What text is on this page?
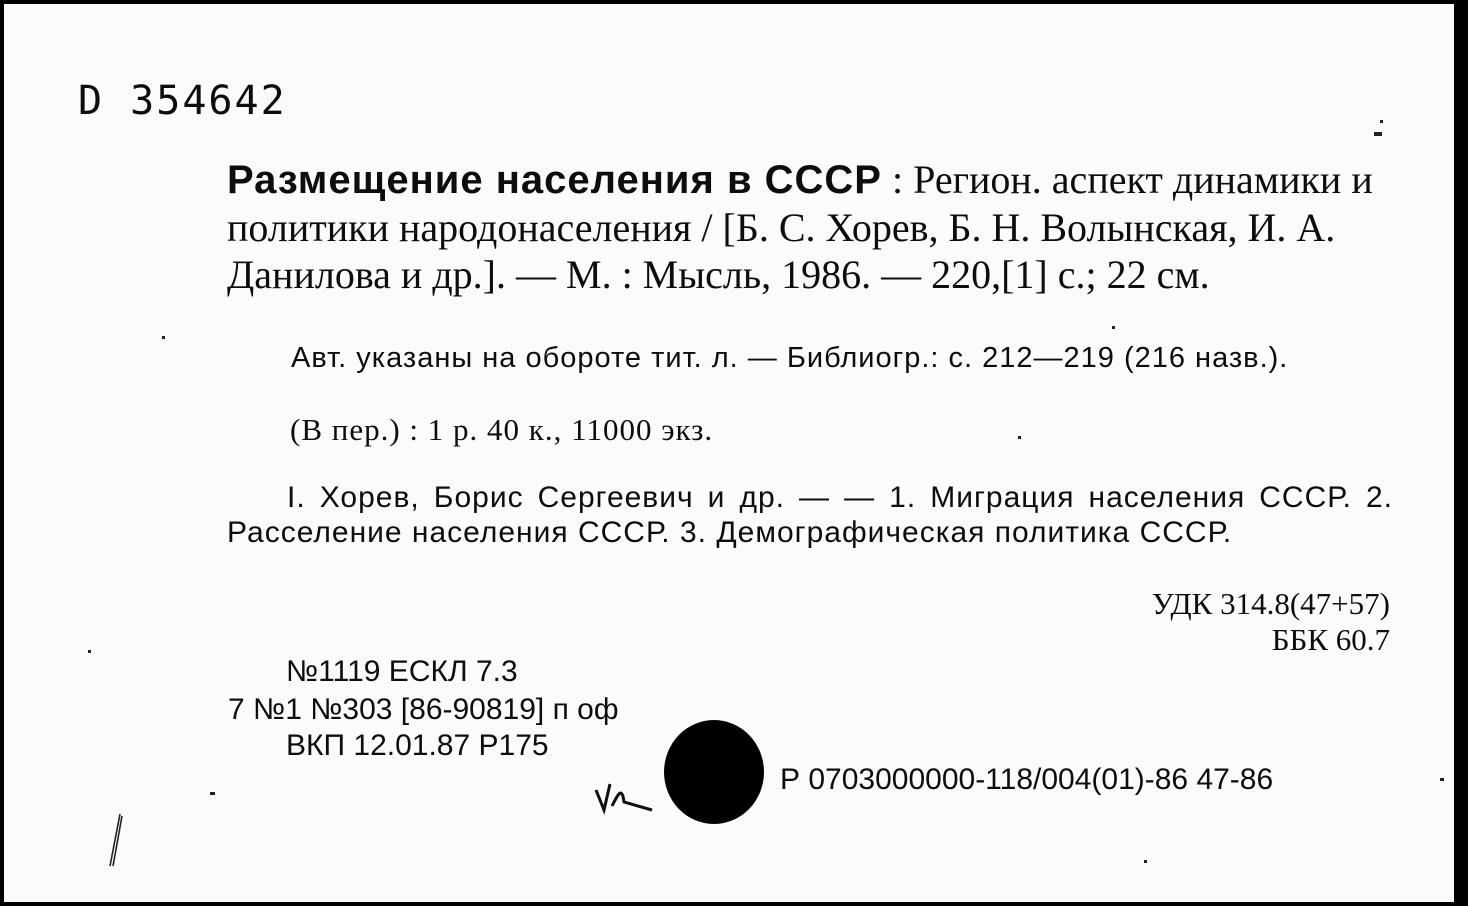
D 354642
Размещение населения в СССР : Регион. аспект динамики и политики народонаселения / [Б. С. Хорев, Б. Н. Волынская, И. А. Данилова и др.]. — М. : Мысль, 1986. — 220,[1] с.; 22 см.
Авт. указаны на обороте тит. л. — Библиогр.: с. 212—219 (216 назв.).
(В пер.) : 1 р. 40 к., 11000 экз.
I. Хорев, Борис Сергеевич и др. — — 1. Миграция населения СССР. 2. Расселение населения СССР. 3. Демографическая политика СССР.
УДК 314.8(47+57)
ББК 60.7
№1119 ЕСКЛ 7.3
7 №1 №303 [86-90819] п оф
ВКП 12.01.87 Р175
Р 0703000000-118/004(01)-86 47-86
